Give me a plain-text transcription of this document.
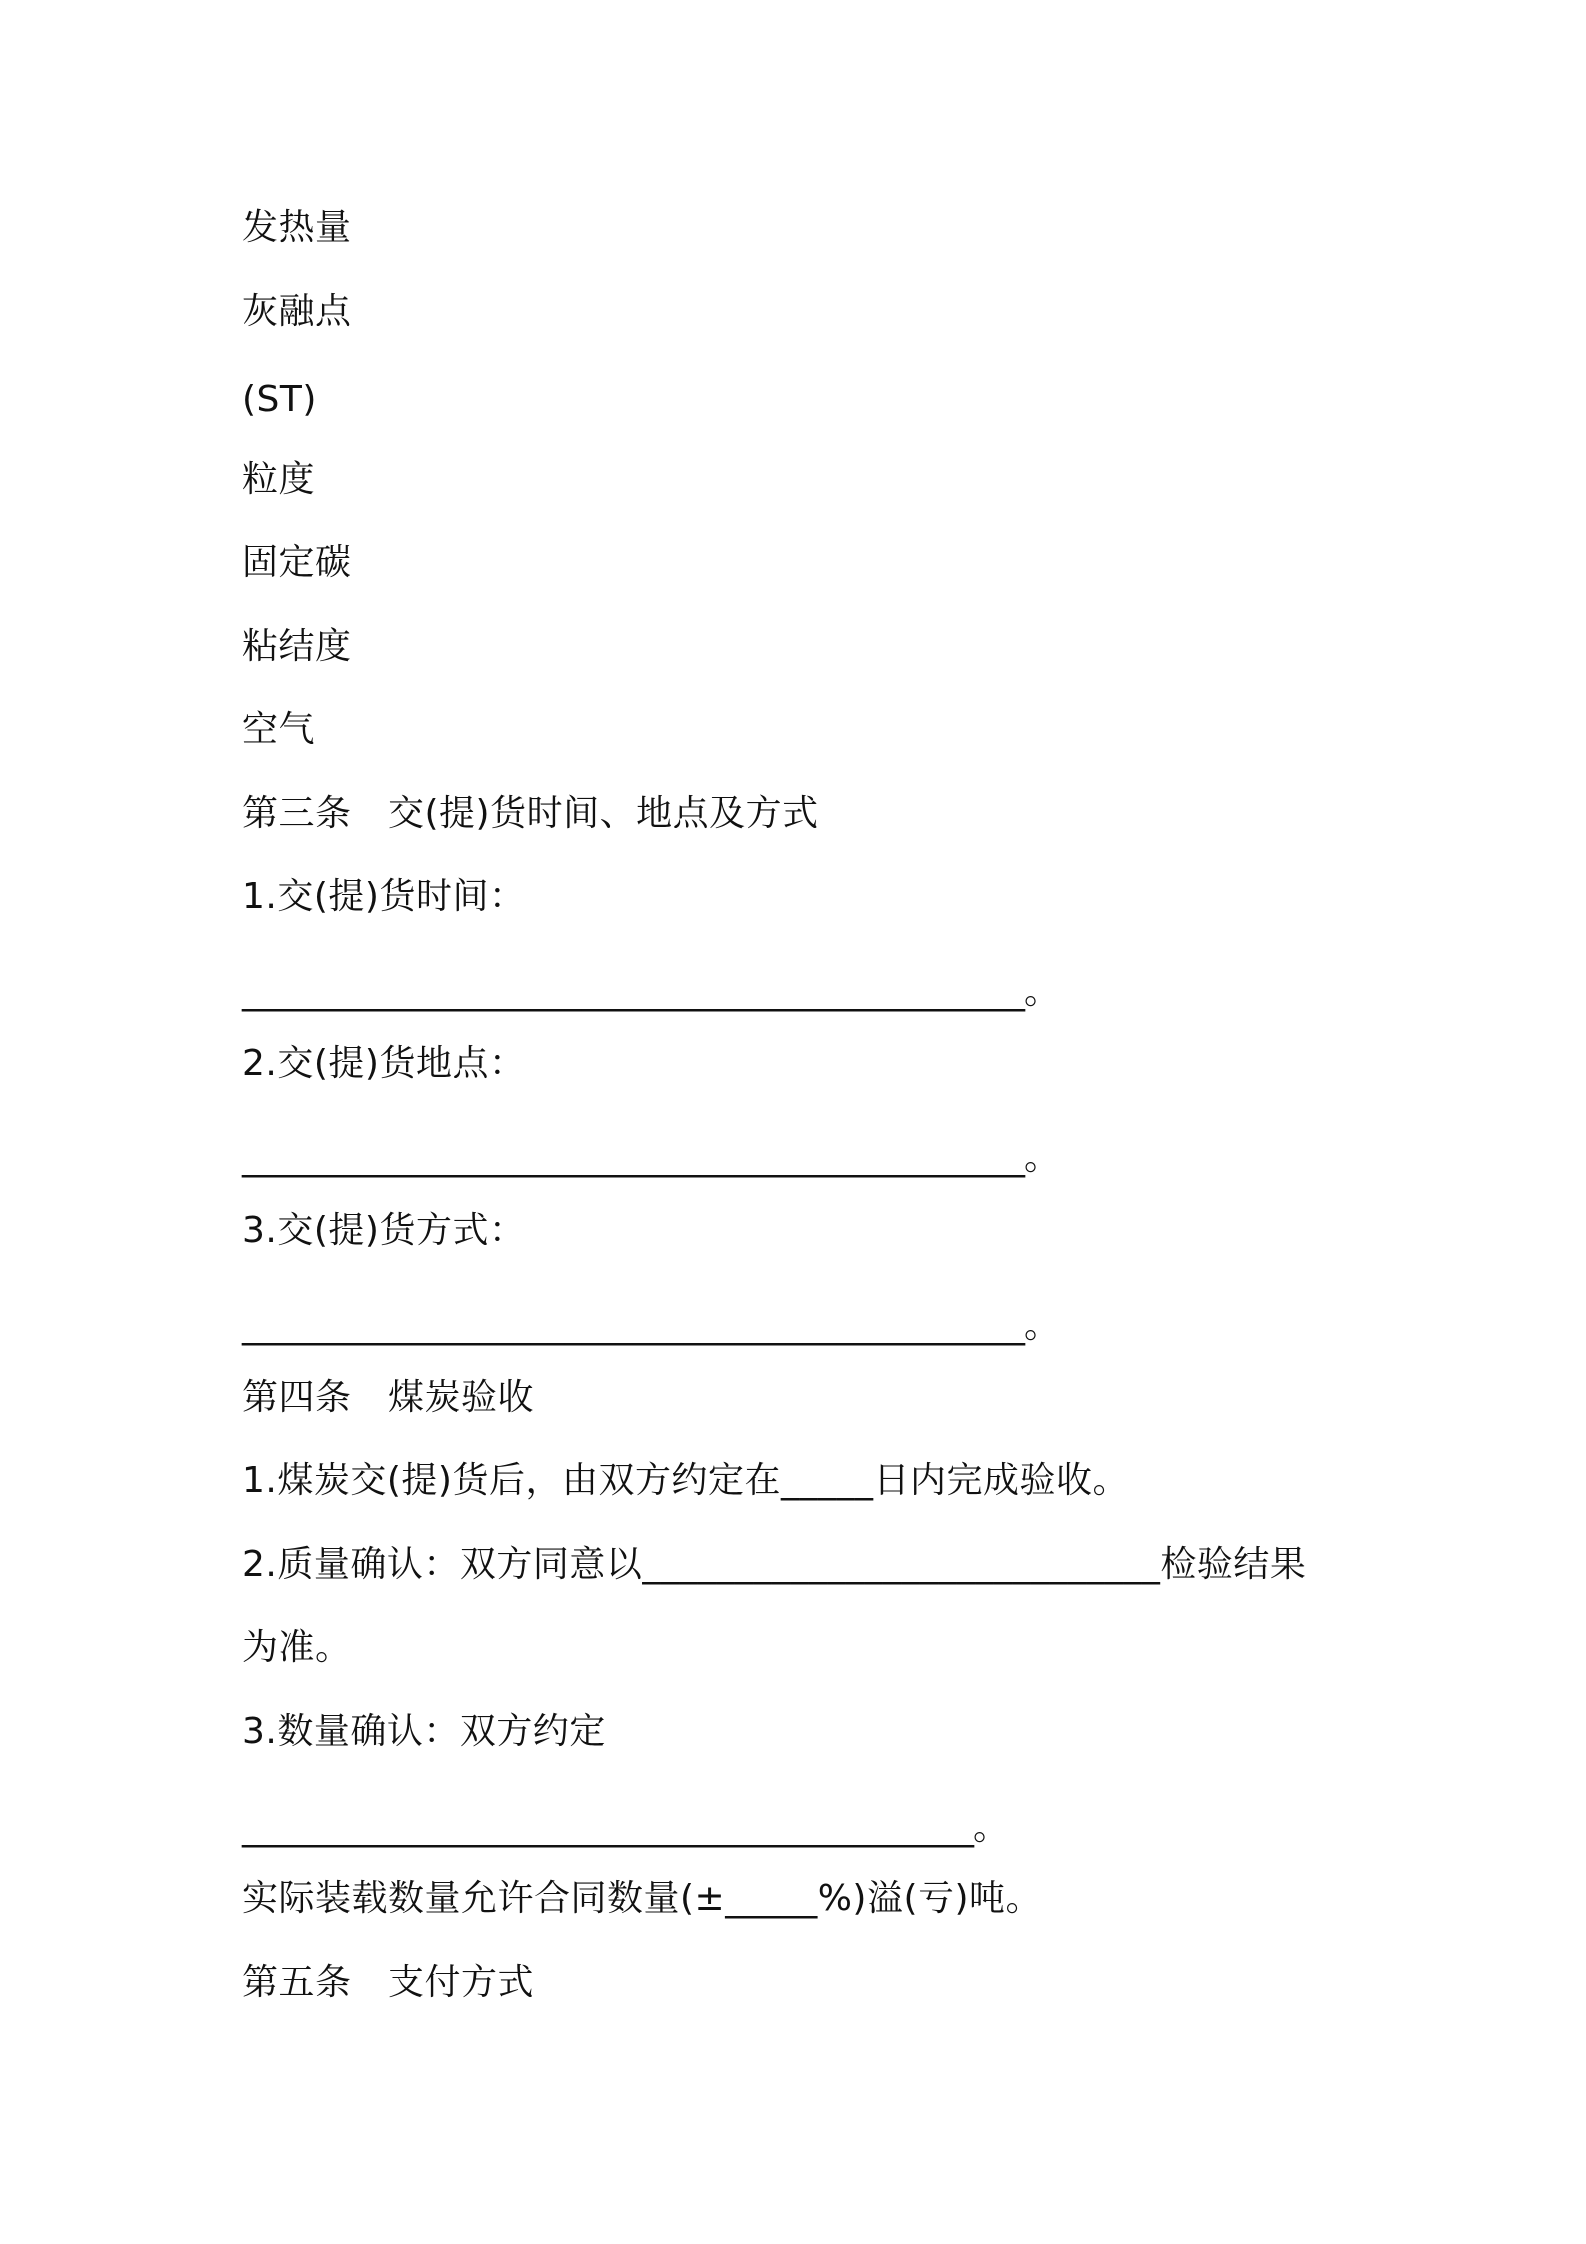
发热量
灰融点
(ST)
粒度
固定碳
粘结度
空气
第三条　交(提)货时间、地点及方式
1.交(提)货时间：
______________________________________________。
2.交(提)货地点：
______________________________________________。
3.交(提)货方式：
______________________________________________。
第四条　煤炭验收
1.煤炭交(提)货后，由双方约定在_____日内完成验收。
2.质量确认：双方同意以____________________________检验结果
为准。
3.数量确认：双方约定
___________________________________________。
实际装载数量允许合同数量(±_____%)溢(亏)吨。
第五条　支付方式
